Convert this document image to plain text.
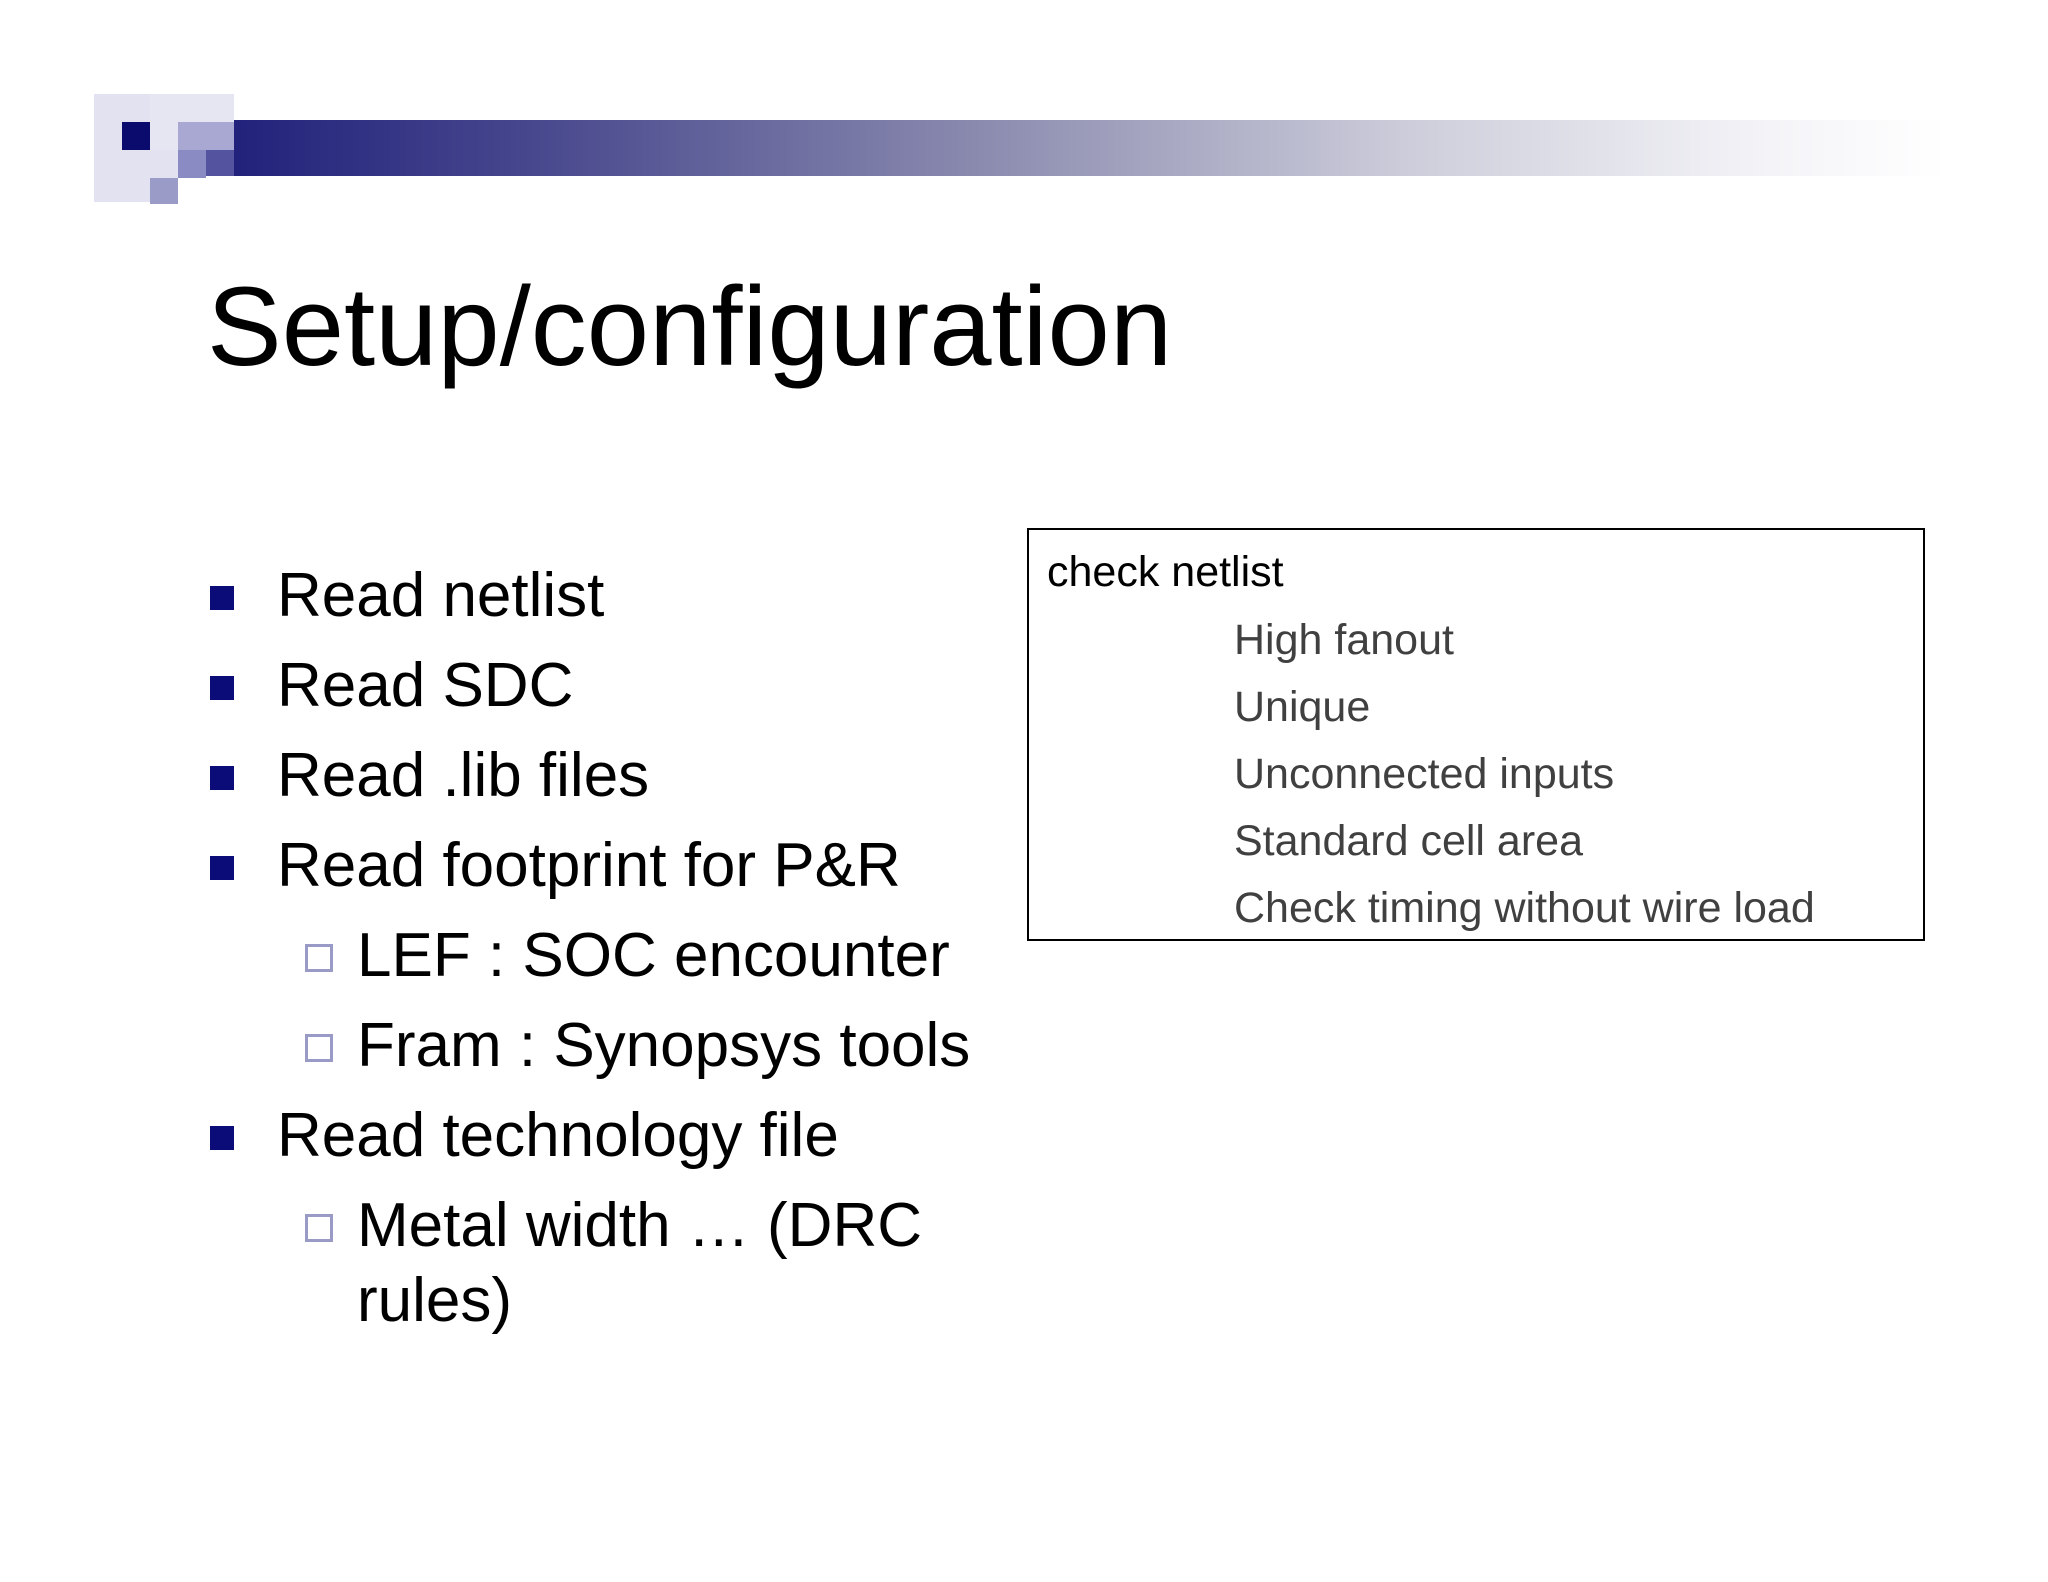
Setup/configuration
Read netlist
Read SDC
Read .lib files
Read footprint for P&R
LEF : SOC encounter
Fram : Synopsys tools
Read technology file
Metal width … (DRC
rules)
check netlist
High fanout
Unique
Unconnected inputs
Standard cell area
Check timing without wire load
